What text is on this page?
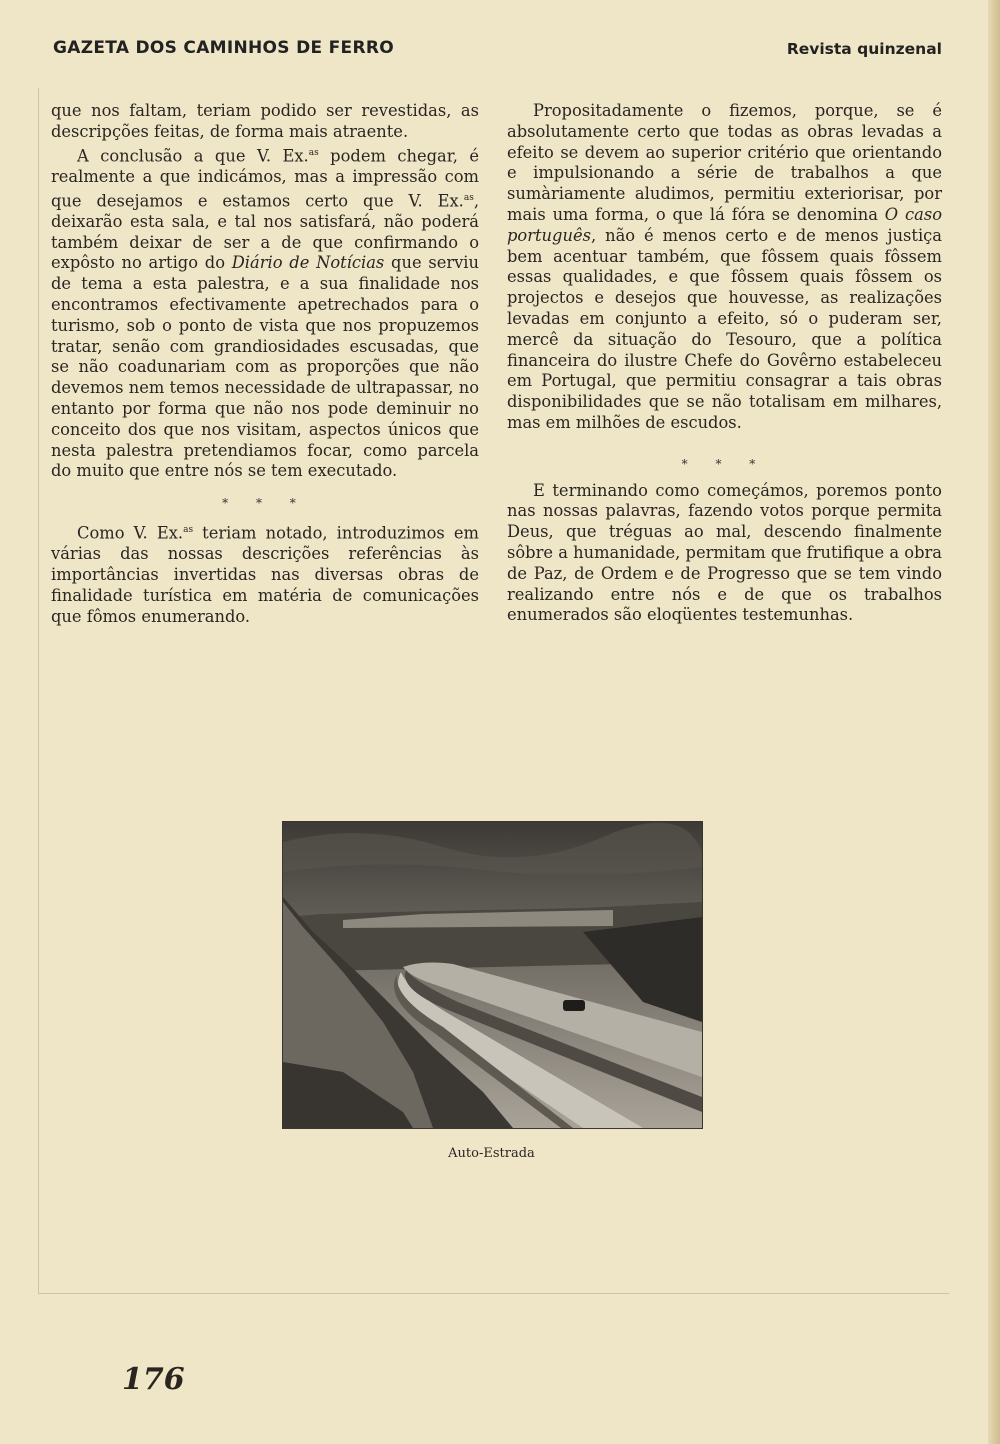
GAZETA DOS CAMINHOS DE FERRO	Revista quinzenal

que nos faltam, teriam podido ser revestidas, as descripções feitas, de forma mais atraente.

A conclusão a que V. Ex.$^{as}$ podem chegar, é realmente a que indicámos, mas a impressão com que desejamos e estamos certo que V. Ex.$^{as}$, deixarão esta sala, e tal nos satisfará, não poderá também deixar de ser a de que confirmando o expôsto no artigo do Diário de Notícias que serviu de tema a esta palestra, e a sua finalidade nos encontramos efectivamente apetrechados para o turismo, sob o ponto de vista que nos propuzemos tratar, senão com grandiosidades escusadas, que se não coadunariam com as proporções que não devemos nem temos necessidade de ultrapassar, no entanto por forma que não nos pode deminuir no conceito dos que nos visitam, aspectos únicos que nesta palestra pretendiamos focar, como parcela do muito que entre nós se tem executado.

* * *

Como V. Ex.$^{as}$ teriam notado, introduzimos em várias das nossas descrições referências às importâncias invertidas nas diversas obras de finalidade turística em matéria de comunicações que fômos enumerando.

Propositadamente o fizemos, porque, se é absolutamente certo que todas as obras levadas a efeito se devem ao superior critério que orientando e impulsionando a série de trabalhos a que sumàriamente aludimos, permitiu exteriorisar, por mais uma forma, o que lá fóra se denomina O caso português, não é menos certo e de menos justiça bem acentuar também, que fôssem quais fôssem essas qualidades, e que fôssem quais fôssem os projectos e desejos que houvesse, as realizações levadas em conjunto a efeito, só o puderam ser, mercê da situação do Tesouro, que a política financeira do ilustre Chefe do Govêrno estabeleceu em Portugal, que permitiu consagrar a tais obras disponibilidades que se não totalisam em milhares, mas em milhões de escudos.

* * *

E terminando como começámos, poremos ponto nas nossas palavras, fazendo votos porque permita Deus, que tréguas ao mal, descendo finalmente sôbre a humanidade, permitam que frutifique a obra de Paz, de Ordem e de Progresso que se tem vindo realizando entre nós e de que os trabalhos enumerados são eloqüentes testemunhas.

Auto-Estrada
176
